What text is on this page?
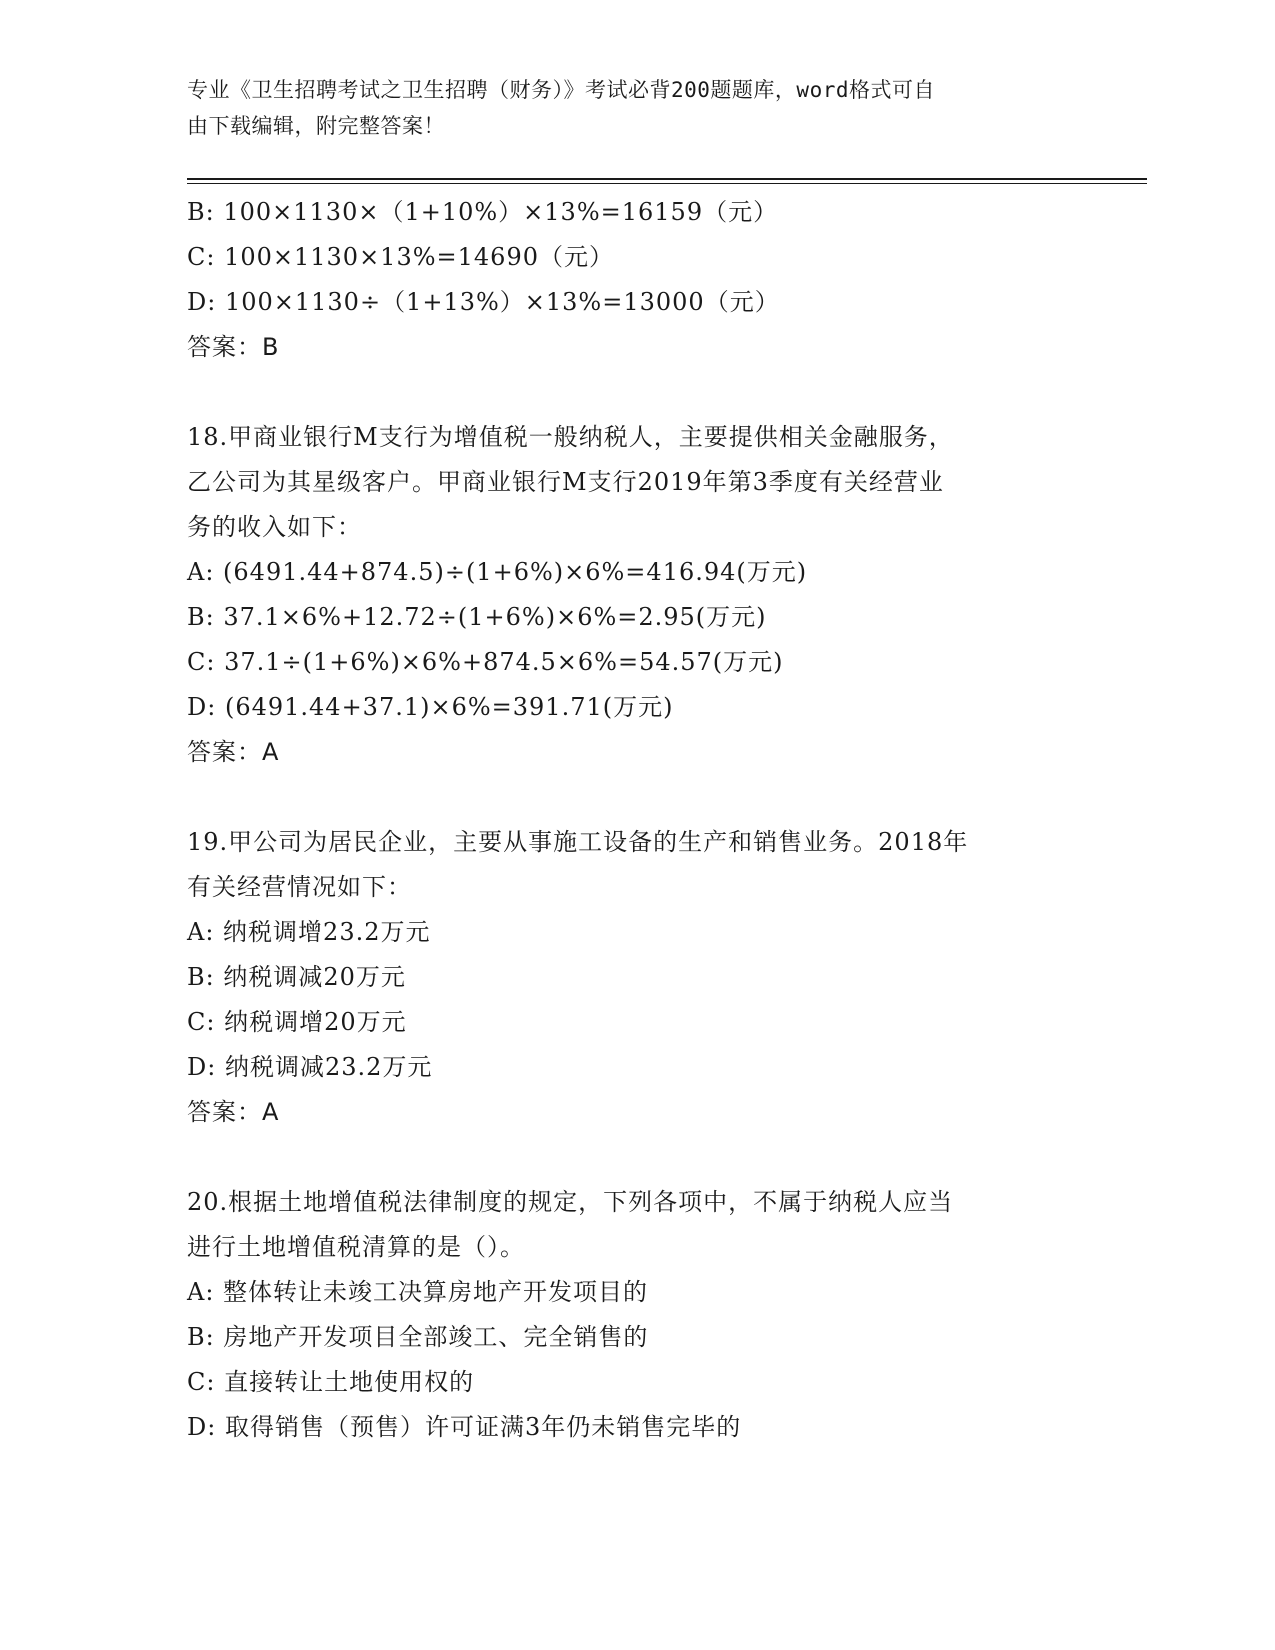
专业《卫生招聘考试之卫生招聘（财务）》考试必背200题题库，word格式可自
由下载编辑，附完整答案！
B: 100×1130×（1+10%）×13%=16159（元）
C: 100×1130×13%=14690（元）
D: 100×1130÷（1+13%）×13%=13000（元）
答案：B
18.甲商业银行M支行为增值税一般纳税人，主要提供相关金融服务，
乙公司为其星级客户。甲商业银行M支行2019年第3季度有关经营业
务的收入如下：
A: (6491.44+874.5)÷(1+6%)×6%=416.94(万元)
B: 37.1×6%+12.72÷(1+6%)×6%=2.95(万元)
C: 37.1÷(1+6%)×6%+874.5×6%=54.57(万元)
D: (6491.44+37.1)×6%=391.71(万元)
答案：A
19.甲公司为居民企业，主要从事施工设备的生产和销售业务。2018年
有关经营情况如下：
A: 纳税调增23.2万元
B: 纳税调减20万元
C: 纳税调增20万元
D: 纳税调减23.2万元
答案：A
20.根据土地增值税法律制度的规定，下列各项中，不属于纳税人应当
进行土地增值税清算的是（）。
A: 整体转让未竣工决算房地产开发项目的
B: 房地产开发项目全部竣工、完全销售的
C: 直接转让土地使用权的
D: 取得销售（预售）许可证满3年仍未销售完毕的
